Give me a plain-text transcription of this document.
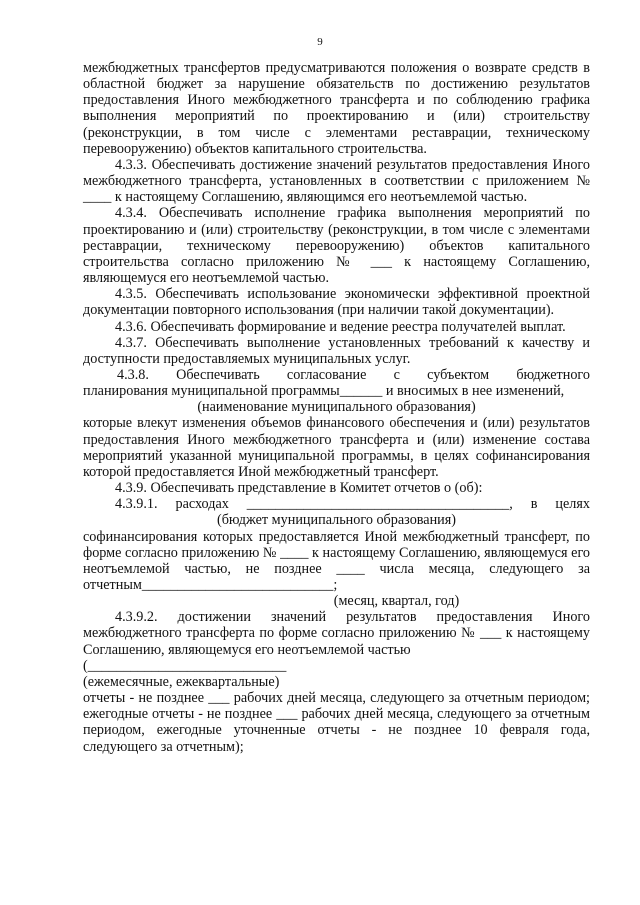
9

межбюджетных трансфертов предусматриваются положения о возврате средств в областной бюджет за нарушение обязательств по достижению результатов предоставления Иного межбюджетного трансферта и по соблюдению графика выполнения мероприятий по проектированию и (или) строительству (реконструкции, в том числе с элементами реставрации, техническому перевооружению) объектов капитального строительства.

4.3.3. Обеспечивать достижение значений результатов предоставления Иного межбюджетного трансферта, установленных в соответствии с приложением № ____ к настоящему Соглашению, являющимся его неотъемлемой частью.

4.3.4. Обеспечивать исполнение графика выполнения мероприятий по проектированию и (или) строительству (реконструкции, в том числе с элементами реставрации, техническому перевооружению) объектов капитального строительства согласно приложению № ___ к настоящему Соглашению, являющемуся его неотъемлемой частью.

4.3.5. Обеспечивать использование экономически эффективной проектной документации повторного использования (при наличии такой документации).

4.3.6. Обеспечивать формирование и ведение реестра получателей выплат.

4.3.7. Обеспечивать выполнение установленных требований к качеству и доступности предоставляемых муниципальных услуг.

4.3.8. Обеспечивать согласование с субъектом бюджетного

планирования муниципальной программы______ и вносимых в нее изменений,

(наименование муниципального образования)

которые влекут изменения объемов финансового обеспечения и (или) результатов предоставления Иного межбюджетного трансферта и (или) изменение состава мероприятий указанной муниципальной программы, в целях софинансирования которой предоставляется Иной межбюджетный трансферт.

4.3.9. Обеспечивать представление в Комитет отчетов о (об):

4.3.9.1. расходах _____________________________________, в целях

(бюджет муниципального образования)

софинансирования которых предоставляется Иной межбюджетный трансферт, по форме согласно приложению № ____ к настоящему Соглашению, являющемуся его неотъемлемой частью, не позднее ____ числа месяца, следующего за отчетным___________________________;

(месяц, квартал, год)

4.3.9.2. достижении значений результатов предоставления Иного межбюджетного трансферта по форме согласно приложению № ___ к настоящему Соглашению, являющемуся его неотъемлемой частью

(____________________________

(ежемесячные, ежеквартальные)

отчеты - не позднее ___ рабочих дней месяца, следующего за отчетным периодом; ежегодные отчеты - не позднее ___ рабочих дней месяца, следующего за отчетным периодом, ежегодные уточненные отчеты - не позднее 10 февраля года, следующего за отчетным);
